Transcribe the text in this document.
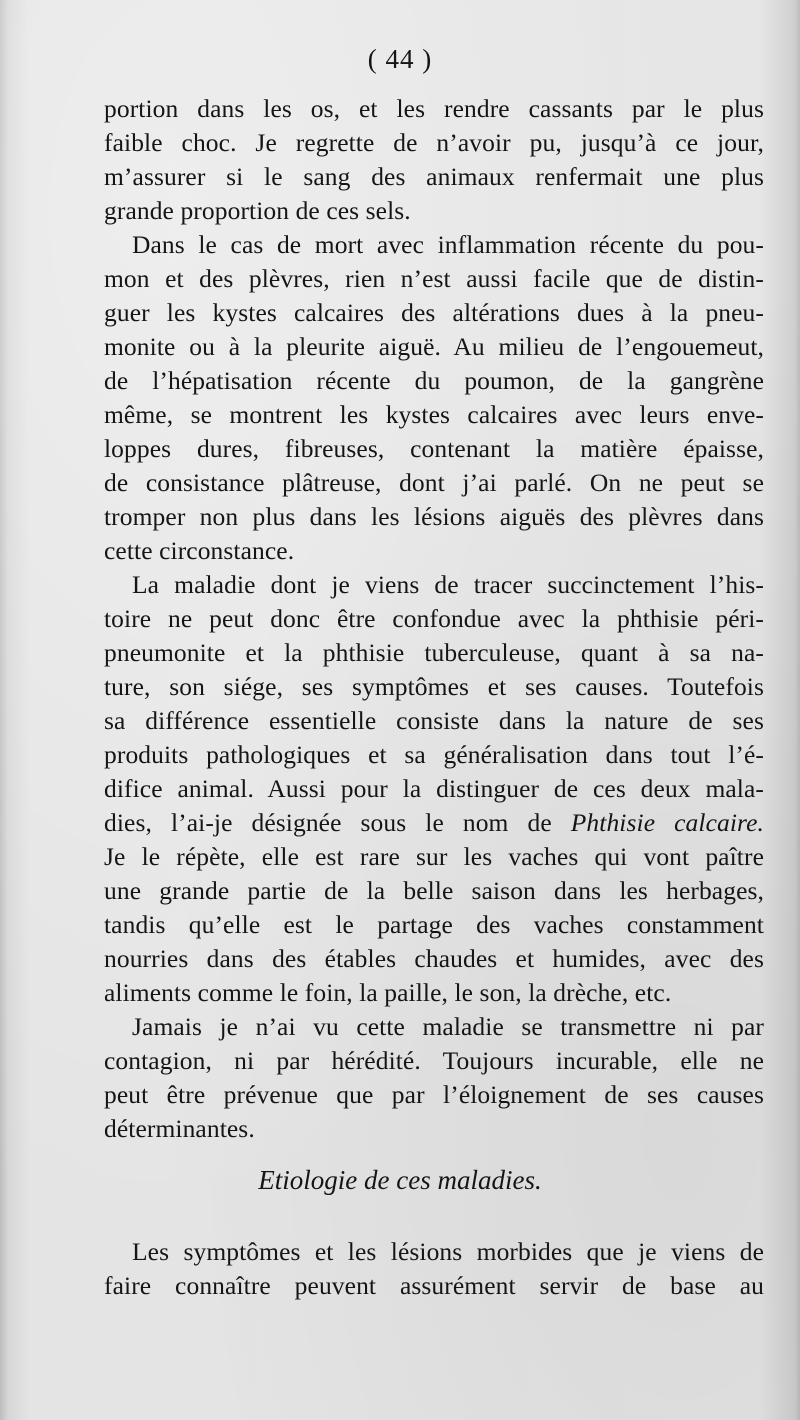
( 44 )
portion dans les os, et les rendre cassants par le plus
faible choc. Je regrette de n’avoir pu, jusqu’à ce jour,
m’assurer si le sang des animaux renfermait une plus
grande proportion de ces sels.
Dans le cas de mort avec inflammation récente du pou-
mon et des plèvres, rien n’est aussi facile que de distin-
guer les kystes calcaires des altérations dues à la pneu-
monite ou à la pleurite aiguë. Au milieu de l’engouemeut,
de l’hépatisation récente du poumon, de la gangrène
même, se montrent les kystes calcaires avec leurs enve-
loppes dures, fibreuses, contenant la matière épaisse,
de consistance plâtreuse, dont j’ai parlé. On ne peut se
tromper non plus dans les lésions aiguës des plèvres dans
cette circonstance.
La maladie dont je viens de tracer succinctement l’his-
toire ne peut donc être confondue avec la phthisie péri-
pneumonite et la phthisie tuberculeuse, quant à sa na-
ture, son siége, ses symptômes et ses causes. Toutefois
sa différence essentielle consiste dans la nature de ses
produits pathologiques et sa généralisation dans tout l’é-
difice animal. Aussi pour la distinguer de ces deux mala-
dies, l’ai-je désignée sous le nom de Phthisie calcaire.
Je le répète, elle est rare sur les vaches qui vont paître
une grande partie de la belle saison dans les herbages,
tandis qu’elle est le partage des vaches constamment
nourries dans des étables chaudes et humides, avec des
aliments comme le foin, la paille, le son, la drèche, etc.
Jamais je n’ai vu cette maladie se transmettre ni par
contagion, ni par hérédité. Toujours incurable, elle ne
peut être prévenue que par l’éloignement de ses causes
déterminantes.
Etiologie de ces maladies.
Les symptômes et les lésions morbides que je viens de
faire connaître peuvent assurément servir de base au
